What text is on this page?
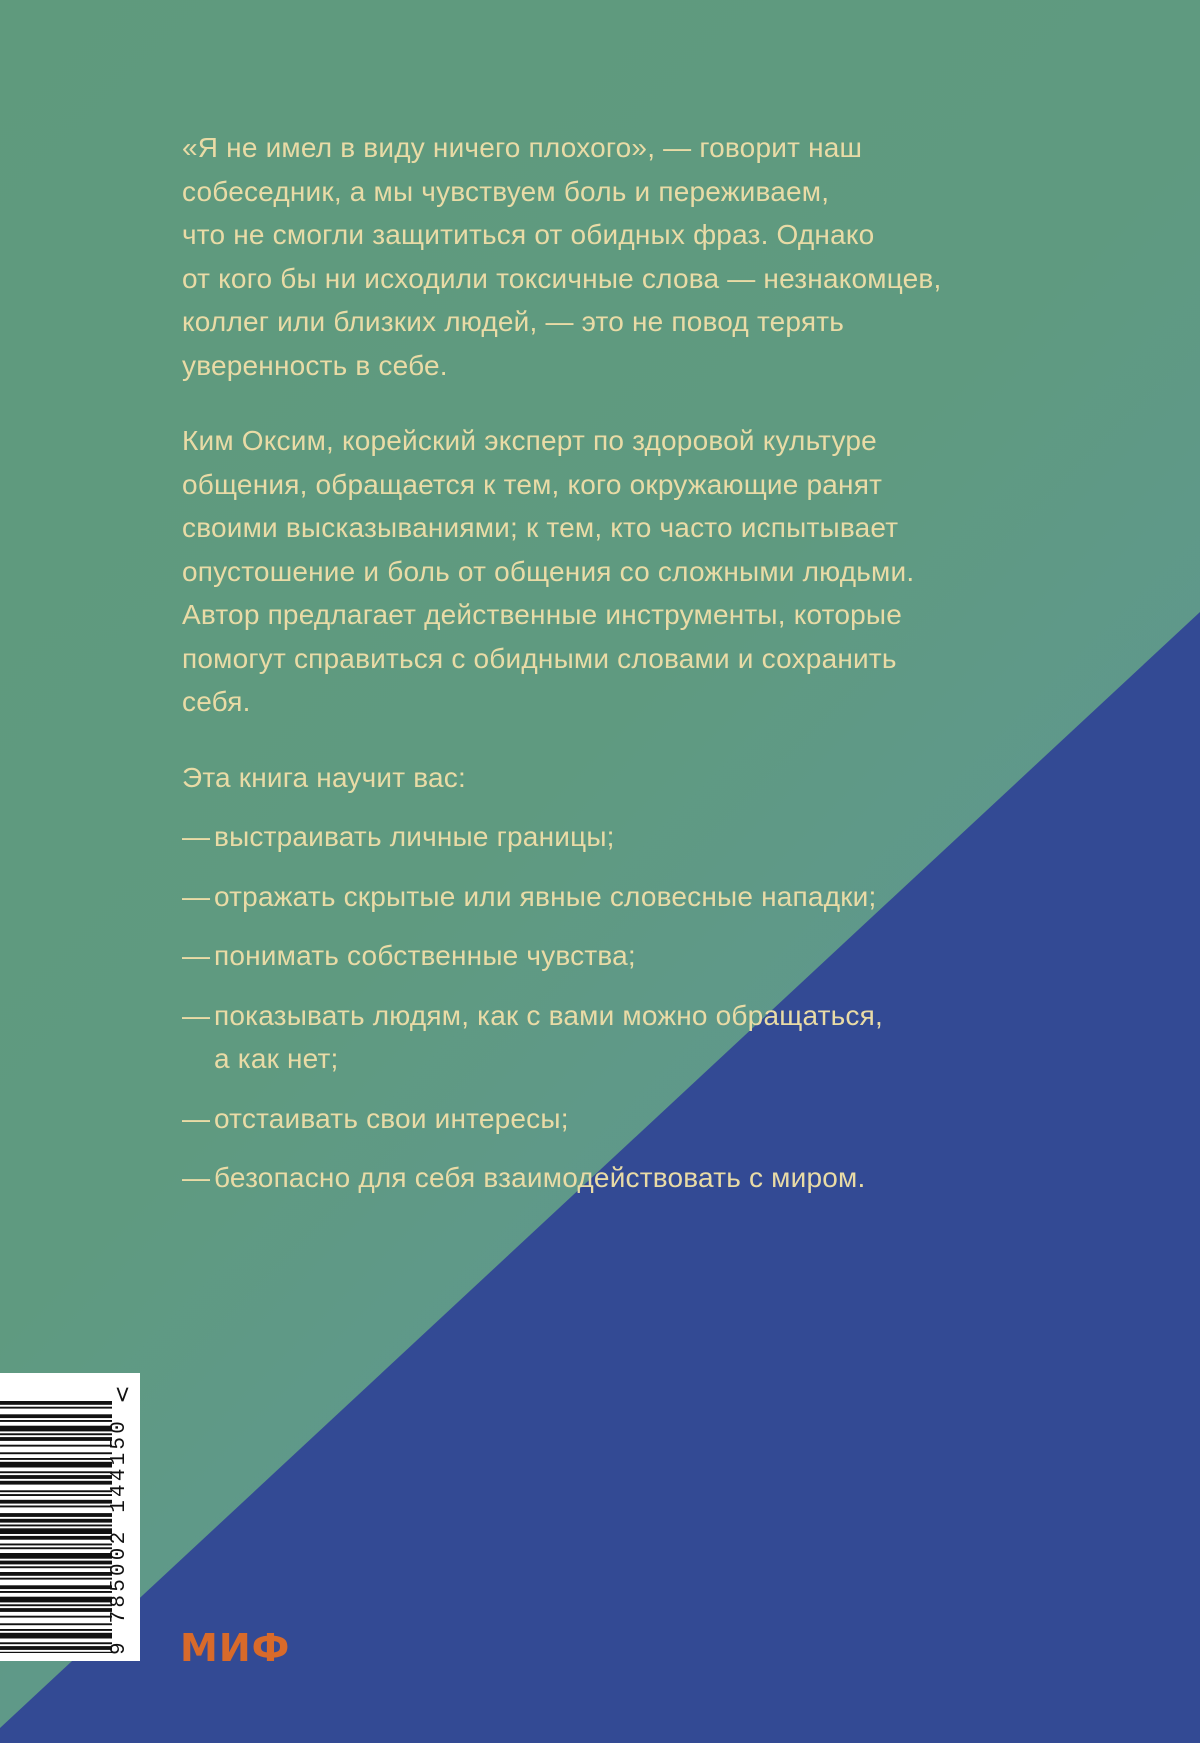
«Я не имел в виду ничего плохого», — говорит наш

собеседник, а мы чувствуем боль и переживаем,

что не смогли защититься от обидных фраз. Однако

от кого бы ни исходили токсичные слова — незнакомцев,

коллег или близких людей, — это не повод терять

уверенность в себе.

Ким Оксим, корейский эксперт по здоровой культуре

общения, обращается к тем, кого окружающие ранят

своими высказываниями; к тем, кто часто испытывает

опустошение и боль от общения со сложными людьми.

Автор предлагает действенные инструменты, которые

помогут справиться с обидными словами и сохранить

себя.

Эта книга научит вас:

— выстраивать личные границы;
— отражать скрытые или явные словесные нападки;
— понимать собственные чувства;
— показывать людям, как с вами можно обращаться,
а как нет;
— отстаивать свои интересы;
— безопасно для себя взаимодействовать с миром.
9 785002 144150
>
МИФ
